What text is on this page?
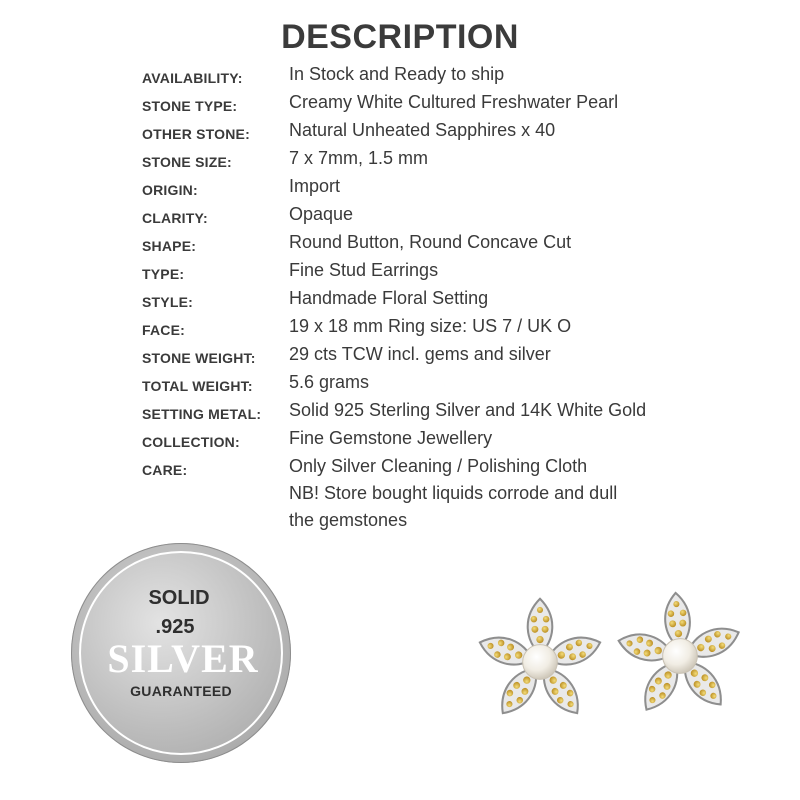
DESCRIPTION
AVAILABILITY:	In Stock and Ready to ship
STONE TYPE:	Creamy White Cultured Freshwater Pearl
OTHER STONE: Natural Unheated Sapphires x 40
STONE SIZE:	7 x 7mm, 1.5 mm
ORIGIN:	Import
CLARITY:	Opaque
SHAPE:	Round Button, Round Concave Cut
TYPE:	Fine Stud Earrings
STYLE:	Handmade Floral Setting
FACE:	19 x 18 mm Ring size: US 7 / UK O
STONE WEIGHT: 29 cts TCW incl. gems and silver
TOTAL WEIGHT: 5.6 grams
SETTING METAL: Solid 925 Sterling Silver and 14K White Gold
COLLECTION:	Fine Gemstone Jewellery
CARE:	Only Silver Cleaning / Polishing Cloth
NB! Store bought liquids corrode and dull
the gemstones
SOLID
.925
SILVER
GUARANTEED
